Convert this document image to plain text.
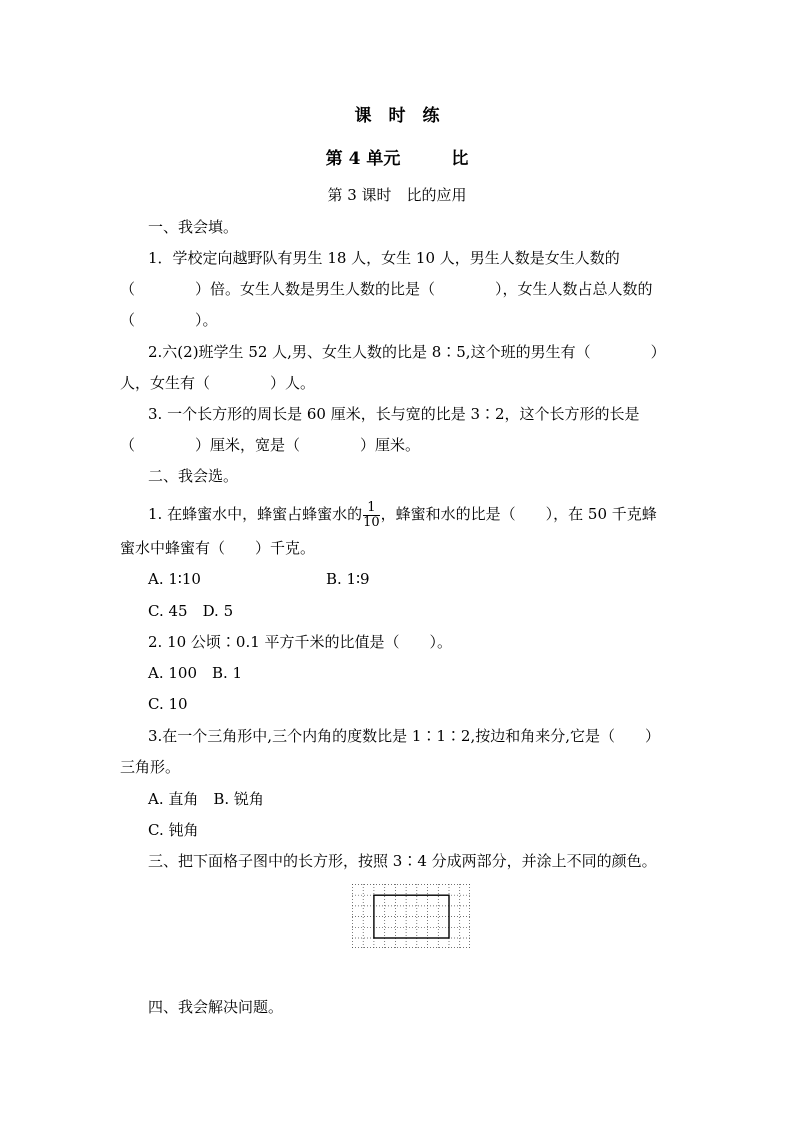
课　时　练
第 4 单元　　　比
第 3 课时　比的应用
一、我会填。
1．学校定向越野队有男生 18 人，女生 10 人，男生人数是女生人数的
（　　　　）倍。女生人数是男生人数的比是（　　　　），女生人数占总人数的
（　　　　）。
2.六(2)班学生 52 人,男、女生人数的比是 8∶5,这个班的男生有（　　　　）
人，女生有（　　　　）人。
3. 一个长方形的周长是 60 厘米，长与宽的比是 3∶2，这个长方形的长是
（　　　　）厘米，宽是（　　　　）厘米。
二、我会选。
1. 在蜂蜜水中，蜂蜜占蜂蜜水的 $\frac{1}{10}$ ，蜂蜜和水的比是（　　），在 50 千克蜂
蜜水中蜂蜜有（　　）千克。
A. 1∶10	B. 1∶9
C. 45　D. 5
2. 10 公顷∶0.1 平方千米的比值是（　　）。
A. 100　B. 1
C. 10
3.在一个三角形中,三个内角的度数比是 1∶1∶2,按边和角来分,它是（　　）
三角形。
A. 直角　B. 锐角
C. 钝角
三、把下面格子图中的长方形，按照 3∶4 分成两部分，并涂上不同的颜色。
四、我会解决问题。
